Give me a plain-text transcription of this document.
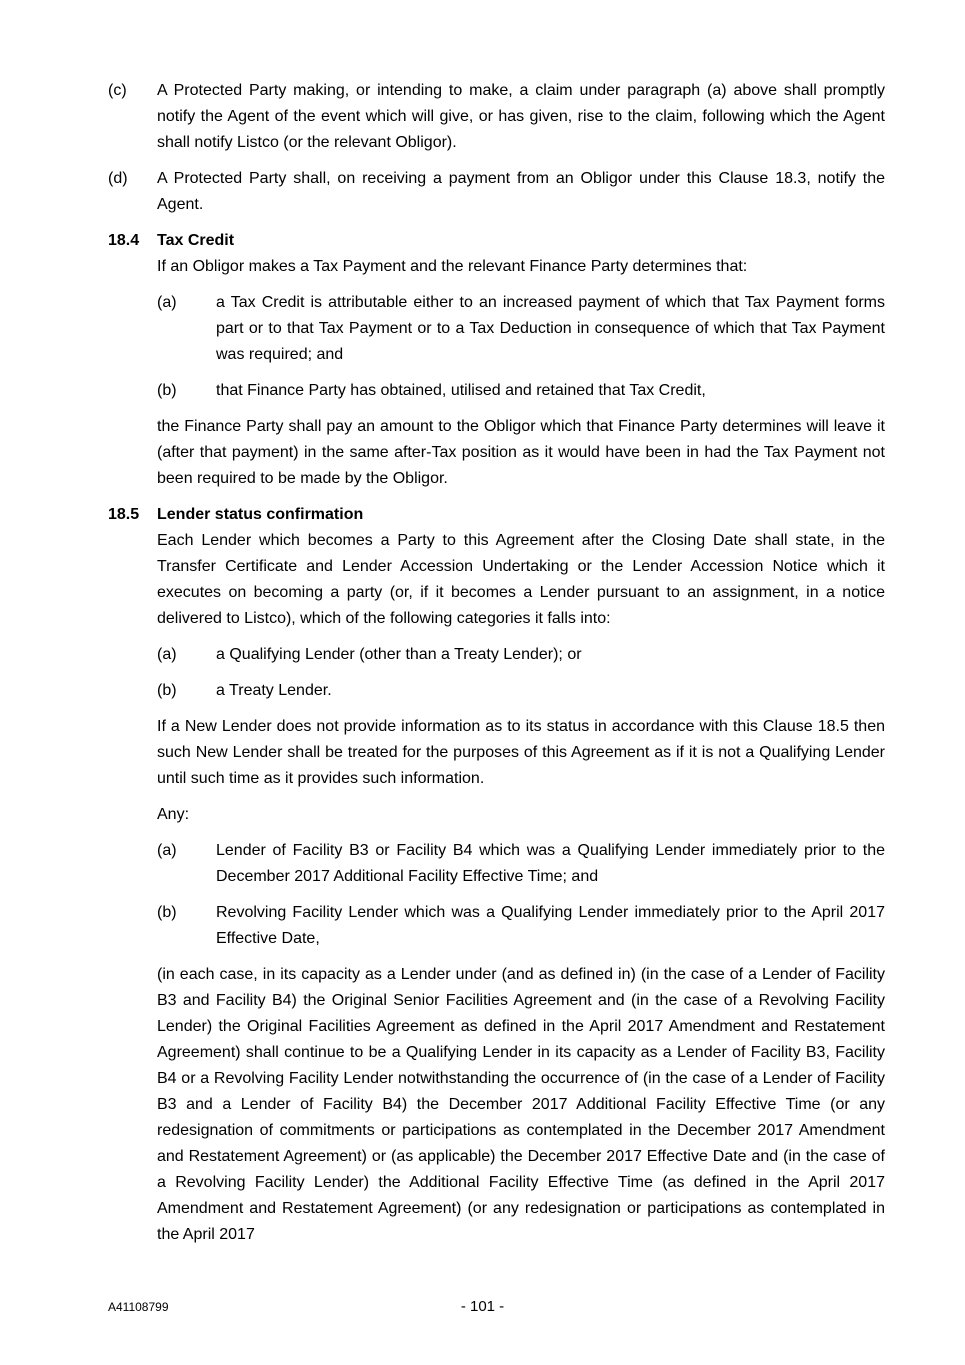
(c) A Protected Party making, or intending to make, a claim under paragraph (a) above shall promptly notify the Agent of the event which will give, or has given, rise to the claim, following which the Agent shall notify Listco (or the relevant Obligor).
(d) A Protected Party shall, on receiving a payment from an Obligor under this Clause 18.3, notify the Agent.
18.4 Tax Credit
If an Obligor makes a Tax Payment and the relevant Finance Party determines that:
(a) a Tax Credit is attributable either to an increased payment of which that Tax Payment forms part or to that Tax Payment or to a Tax Deduction in consequence of which that Tax Payment was required; and
(b) that Finance Party has obtained, utilised and retained that Tax Credit,
the Finance Party shall pay an amount to the Obligor which that Finance Party determines will leave it (after that payment) in the same after-Tax position as it would have been in had the Tax Payment not been required to be made by the Obligor.
18.5 Lender status confirmation
Each Lender which becomes a Party to this Agreement after the Closing Date shall state, in the Transfer Certificate and Lender Accession Undertaking or the Lender Accession Notice which it executes on becoming a party (or, if it becomes a Lender pursuant to an assignment, in a notice delivered to Listco), which of the following categories it falls into:
(a) a Qualifying Lender (other than a Treaty Lender); or
(b) a Treaty Lender.
If a New Lender does not provide information as to its status in accordance with this Clause 18.5 then such New Lender shall be treated for the purposes of this Agreement as if it is not a Qualifying Lender until such time as it provides such information.
Any:
(a) Lender of Facility B3 or Facility B4 which was a Qualifying Lender immediately prior to the December 2017 Additional Facility Effective Time; and
(b) Revolving Facility Lender which was a Qualifying Lender immediately prior to the April 2017 Effective Date,
(in each case, in its capacity as a Lender under (and as defined in) (in the case of a Lender of Facility B3 and Facility B4) the Original Senior Facilities Agreement and (in the case of a Revolving Facility Lender) the Original Facilities Agreement as defined in the April 2017 Amendment and Restatement Agreement) shall continue to be a Qualifying Lender in its capacity as a Lender of Facility B3, Facility B4 or a Revolving Facility Lender notwithstanding the occurrence of (in the case of a Lender of Facility B3 and a Lender of Facility B4) the December 2017 Additional Facility Effective Time (or any redesignation of commitments or participations as contemplated in the December 2017 Amendment and Restatement Agreement) or (as applicable) the December 2017 Effective Date and (in the case of a Revolving Facility Lender) the Additional Facility Effective Time (as defined in the April 2017 Amendment and Restatement Agreement) (or any redesignation or participations as contemplated in the April 2017
A41108799	- 101 -
